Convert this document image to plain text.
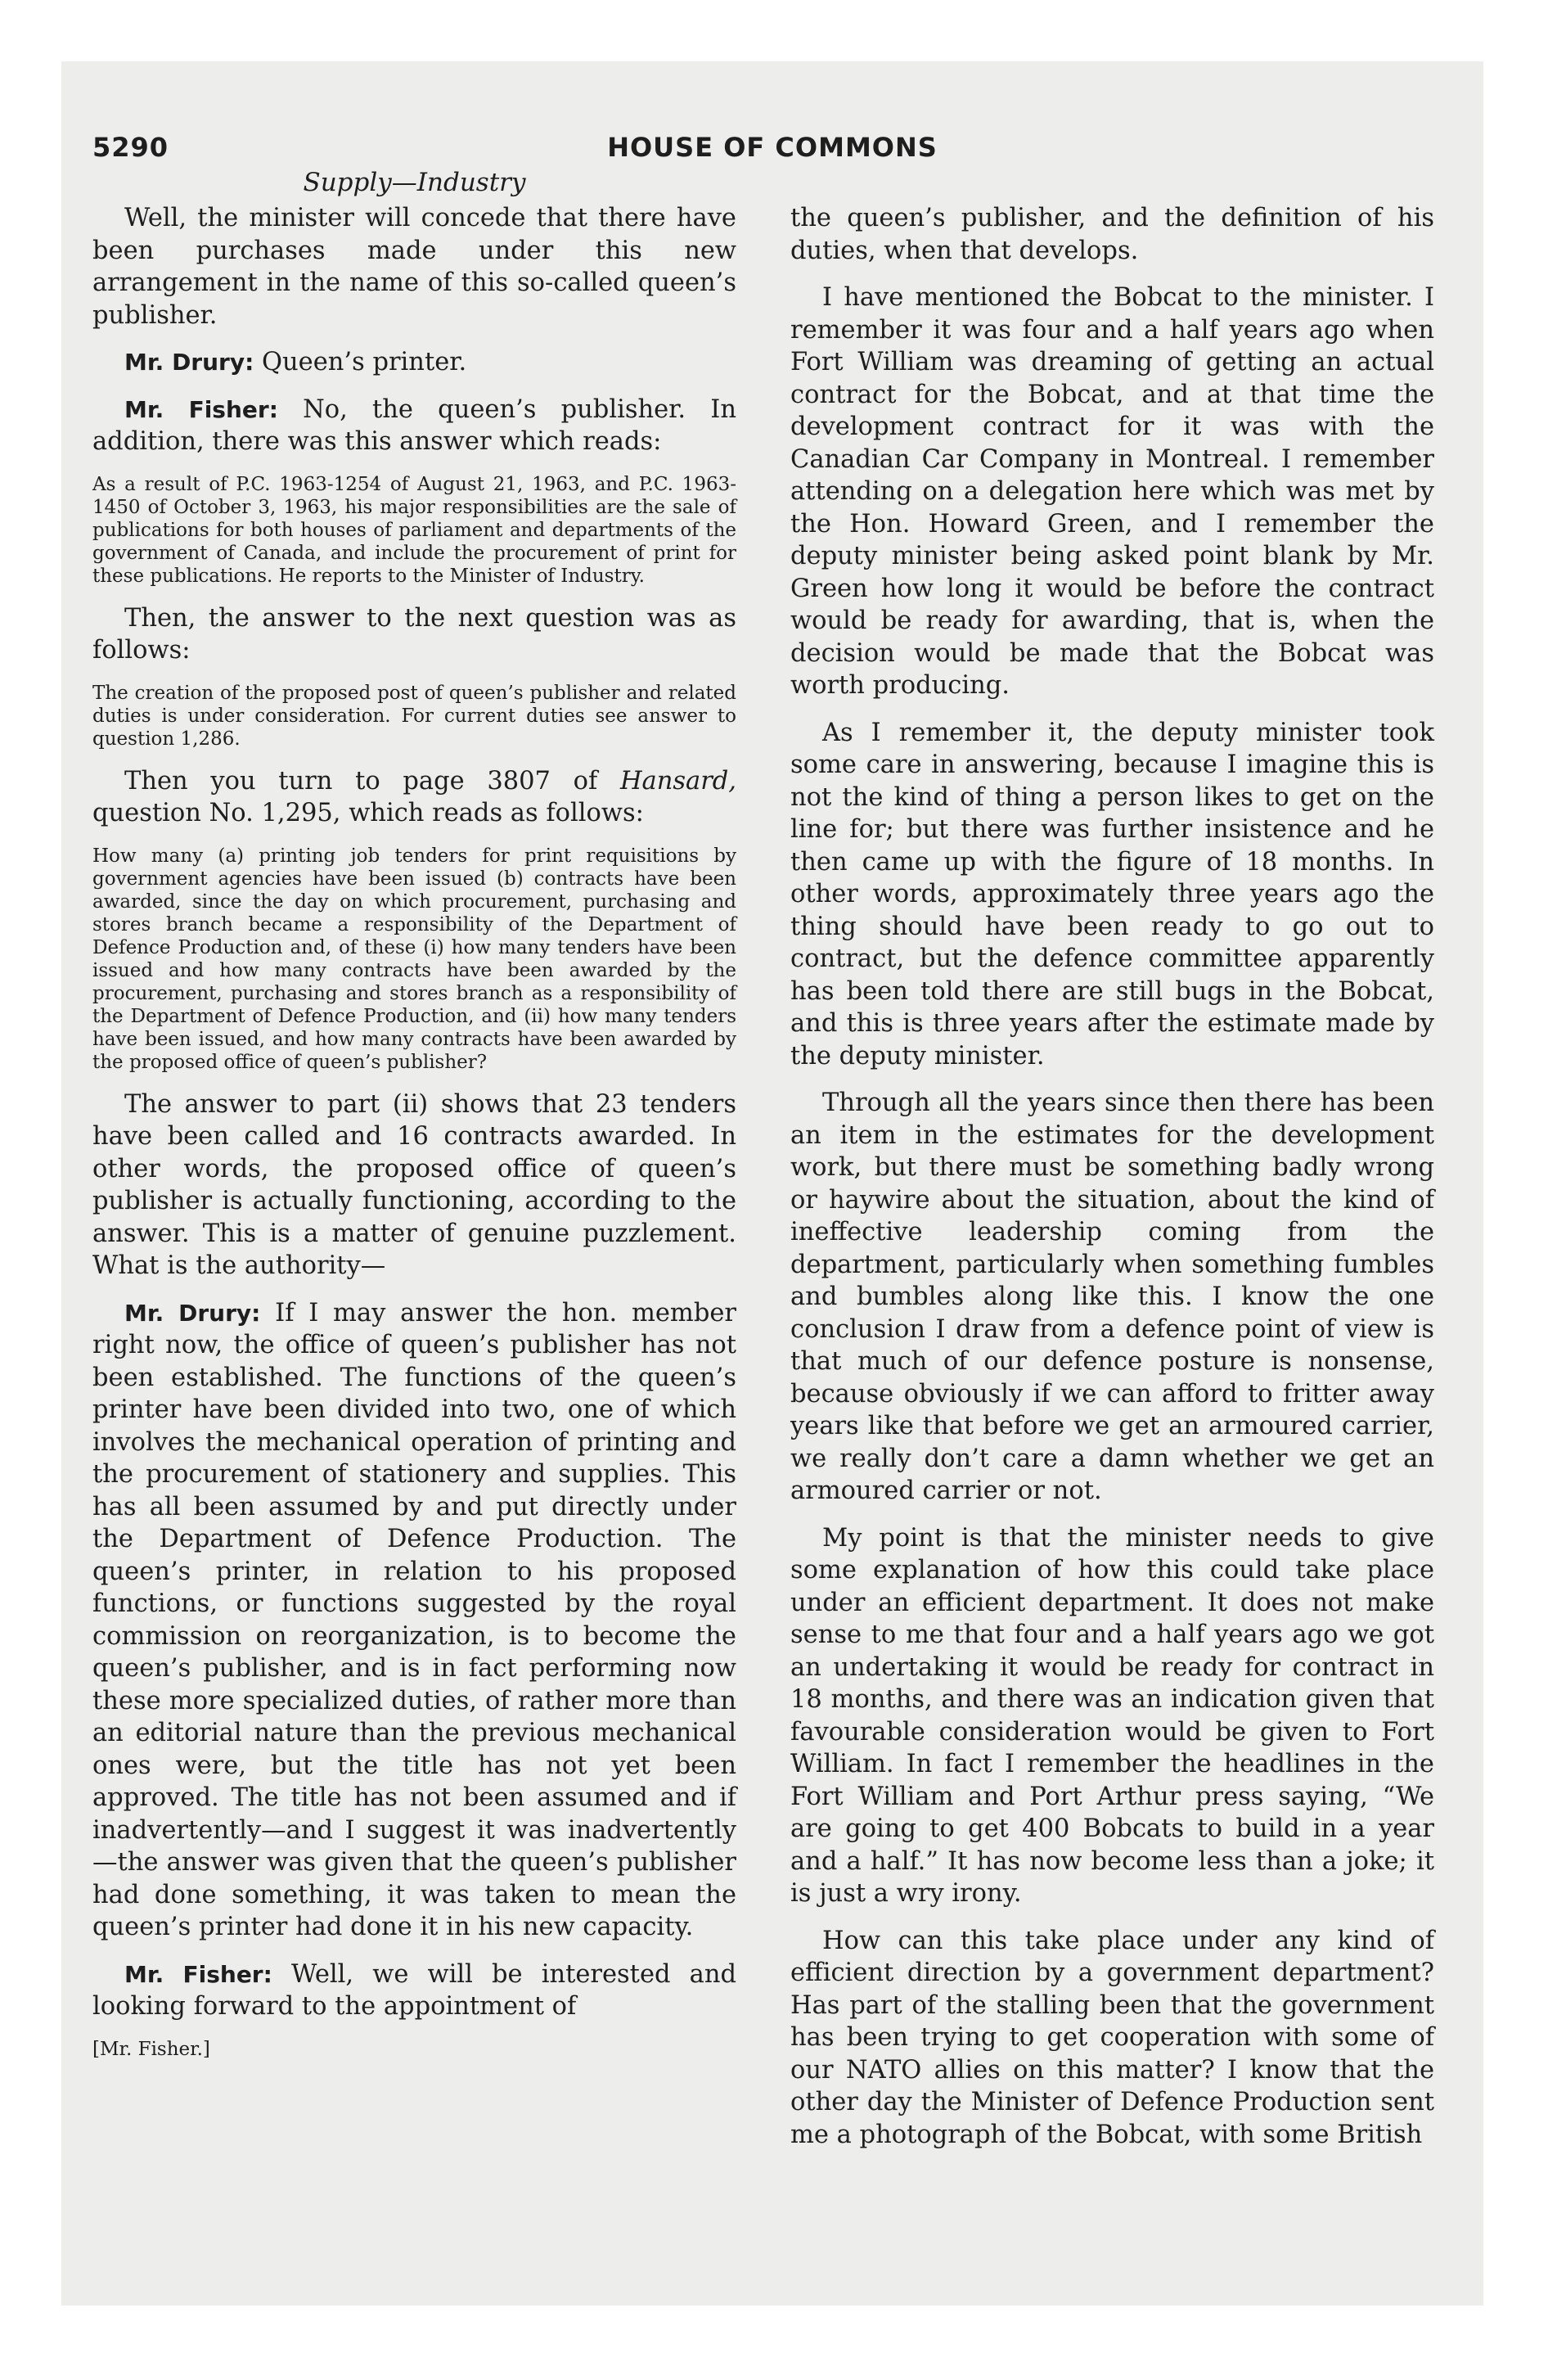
5290	HOUSE OF COMMONS
Supply—Industry

Well, the minister will concede that there have been purchases made under this new arrangement in the name of this so-called queen’s publisher.

Mr. Drury: Queen’s printer.

Mr. Fisher: No, the queen’s publisher. In addition, there was this answer which reads:

As a result of P.C. 1963-1254 of August 21, 1963, and P.C. 1963-1450 of October 3, 1963, his major responsibilities are the sale of publications for both houses of parliament and departments of the government of Canada, and include the procurement of print for these publications. He reports to the Minister of Industry.

Then, the answer to the next question was as follows:

The creation of the proposed post of queen’s publisher and related duties is under consideration. For current duties see answer to question 1,286.

Then you turn to page 3807 of Hansard, question No. 1,295, which reads as follows:

How many (a) printing job tenders for print requisitions by government agencies have been issued (b) contracts have been awarded, since the day on which procurement, purchasing and stores branch became a responsibility of the Department of Defence Production and, of these (i) how many tenders have been issued and how many contracts have been awarded by the procurement, purchasing and stores branch as a responsibility of the Department of Defence Production, and (ii) how many tenders have been issued, and how many contracts have been awarded by the proposed office of queen’s publisher?

The answer to part (ii) shows that 23 tenders have been called and 16 contracts awarded. In other words, the proposed office of queen’s publisher is actually functioning, according to the answer. This is a matter of genuine puzzlement. What is the authority—

Mr. Drury: If I may answer the hon. member right now, the office of queen’s publisher has not been established. The functions of the queen’s printer have been divided into two, one of which involves the mechanical operation of printing and the procurement of stationery and supplies. This has all been assumed by and put directly under the Department of Defence Production. The queen’s printer, in relation to his proposed functions, or functions suggested by the royal commission on reorganization, is to become the queen’s publisher, and is in fact performing now these more specialized duties, of rather more than an editorial nature than the previous mechanical ones were, but the title has not yet been approved. The title has not been assumed and if inadvertently—and I suggest it was inadvertently—the answer was given that the queen’s publisher had done something, it was taken to mean the queen’s printer had done it in his new capacity.

Mr. Fisher: Well, we will be interested and looking forward to the appointment of

[Mr. Fisher.]

the queen’s publisher, and the definition of his duties, when that develops.

I have mentioned the Bobcat to the minister. I remember it was four and a half years ago when Fort William was dreaming of getting an actual contract for the Bobcat, and at that time the development contract for it was with the Canadian Car Company in Montreal. I remember attending on a delegation here which was met by the Hon. Howard Green, and I remember the deputy minister being asked point blank by Mr. Green how long it would be before the contract would be ready for awarding, that is, when the decision would be made that the Bobcat was worth producing.

As I remember it, the deputy minister took some care in answering, because I imagine this is not the kind of thing a person likes to get on the line for; but there was further insistence and he then came up with the figure of 18 months. In other words, approximately three years ago the thing should have been ready to go out to contract, but the defence committee apparently has been told there are still bugs in the Bobcat, and this is three years after the estimate made by the deputy minister.

Through all the years since then there has been an item in the estimates for the development work, but there must be something badly wrong or haywire about the situation, about the kind of ineffective leadership coming from the department, particularly when something fumbles and bumbles along like this. I know the one conclusion I draw from a defence point of view is that much of our defence posture is nonsense, because obviously if we can afford to fritter away years like that before we get an armoured carrier, we really don’t care a damn whether we get an armoured carrier or not.

My point is that the minister needs to give some explanation of how this could take place under an efficient department. It does not make sense to me that four and a half years ago we got an undertaking it would be ready for contract in 18 months, and there was an indication given that favourable consideration would be given to Fort William. In fact I remember the headlines in the Fort William and Port Arthur press saying, “We are going to get 400 Bobcats to build in a year and a half.” It has now become less than a joke; it is just a wry irony.

How can this take place under any kind of efficient direction by a government department? Has part of the stalling been that the government has been trying to get cooperation with some of our NATO allies on this matter? I know that the other day the Minister of Defence Production sent me a photograph of the Bobcat, with some British
